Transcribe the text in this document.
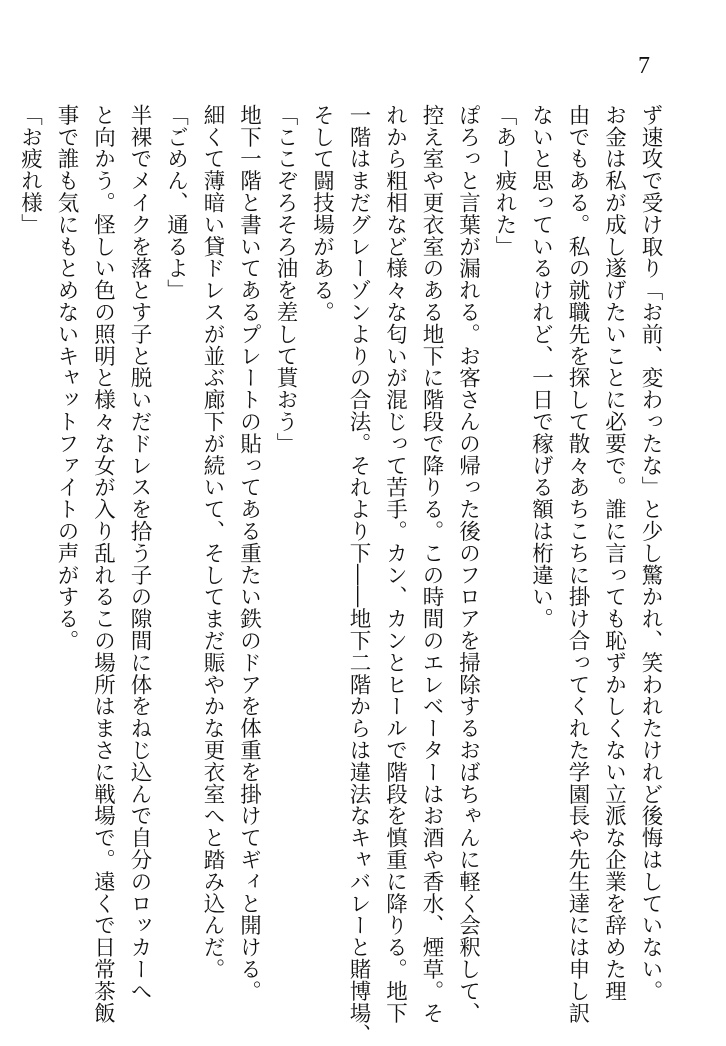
7
ず速攻で受け取り「お前、変わったな」と少し驚かれ、笑われたけれど後悔はしていない。
お金は私が成し遂げたいことに必要で。誰に言っても恥ずかしくない立派な企業を辞めた理
由でもある。私の就職先を探して散々あちこちに掛け合ってくれた学園長や先生達には申し訳
ないと思っているけれど、一日で稼げる額は桁違い。
「あー疲れた」
ぽろっと言葉が漏れる。お客さんの帰った後のフロアを掃除するおばちゃんに軽く会釈して、
控え室や更衣室のある地下に階段で降りる。この時間のエレベーターはお酒や香水、煙草。そ
れから粗相など様々な匂いが混じって苦手。カン、カンとヒールで階段を慎重に降りる。地下
一階はまだグレーゾンよりの合法。それより下――地下二階からは違法なキャバレーと賭博場、
そして闘技場がある。
「ここぞろそろ油を差して貰おう」
地下一階と書いてあるプレートの貼ってある重たい鉄のドアを体重を掛けてギィと開ける。
細くて薄暗い貸ドレスが並ぶ廊下が続いて、そしてまだ賑やかな更衣室へと踏み込んだ。
「ごめん、通るよ」
半裸でメイクを落とす子と脱いだドレスを拾う子の隙間に体をねじ込んで自分のロッカーへ
と向かう。怪しい色の照明と様々な女が入り乱れるこの場所はまさに戦場で。遠くで日常茶飯
事で誰も気にもとめないキャットファイトの声がする。
「お疲れ様」
